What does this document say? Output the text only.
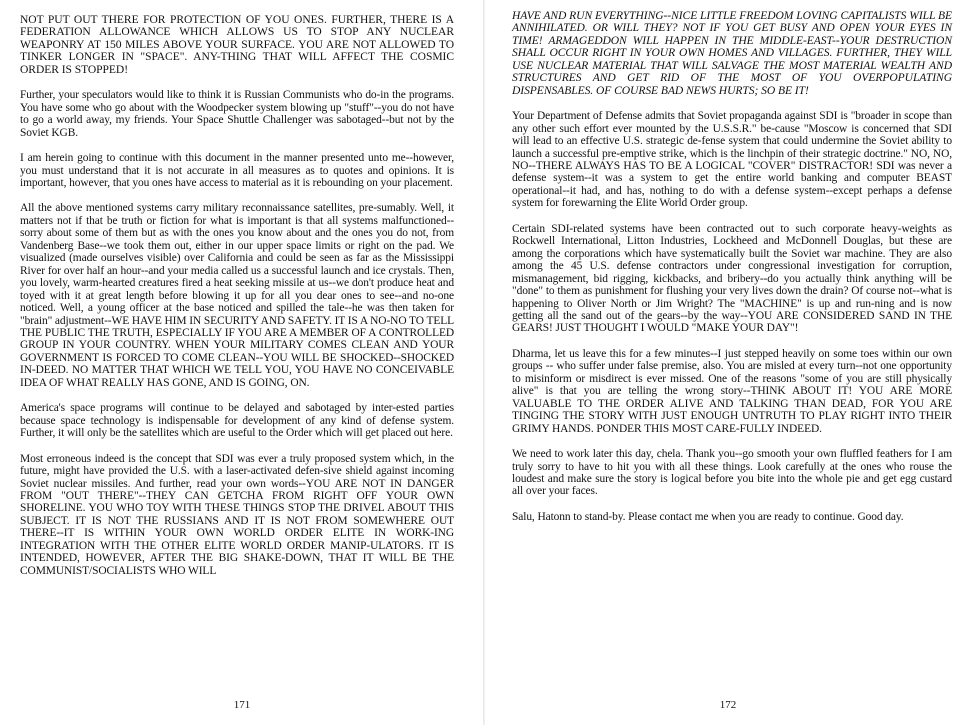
NOT PUT OUT THERE FOR PROTECTION OF YOU ONES. FURTHER, THERE IS A FEDERATION ALLOWANCE WHICH ALLOWS US TO STOP ANY NUCLEAR WEAPONRY AT 150 MILES ABOVE YOUR SURFACE. YOU ARE NOT ALLOWED TO TINKER LONGER IN "SPACE". ANY-THING THAT WILL AFFECT THE COSMIC ORDER IS STOPPED!

Further, your speculators would like to think it is Russian Communists who do-in the programs. You have some who go about with the Woodpecker system blowing up "stuff"--you do not have to go a world away, my friends. Your Space Shuttle Challenger was sabotaged--but not by the Soviet KGB.

I am herein going to continue with this document in the manner presented unto me--however, you must understand that it is not accurate in all measures as to quotes and opinions. It is important, however, that you ones have access to material as it is rebounding on your placement.

All the above mentioned systems carry military reconnaissance satellites, pre-sumably. Well, it matters not if that be truth or fiction for what is important is that all systems malfunctioned--sorry about some of them but as with the ones you know about and the ones you do not, from Vandenberg Base--we took them out, either in our upper space limits or right on the pad. We visualized (made ourselves visible) over California and could be seen as far as the Mississippi River for over half an hour--and your media called us a successful launch and ice crystals. Then, you lovely, warm-hearted creatures fired a heat seeking missile at us--we don't produce heat and toyed with it at great length before blowing it up for all you dear ones to see--and no-one noticed. Well, a young officer at the base noticed and spilled the tale--he was then taken for "brain" adjustment--WE HAVE HIM IN SECURITY AND SAFETY. IT IS A NO-NO TO TELL THE PUBLIC THE TRUTH, ESPECIALLY IF YOU ARE A MEMBER OF A CONTROLLED GROUP IN YOUR COUNTRY. WHEN YOUR MILITARY COMES CLEAN AND YOUR GOVERNMENT IS FORCED TO COME CLEAN--YOU WILL BE SHOCKED--SHOCKED IN-DEED. NO MATTER THAT WHICH WE TELL YOU, YOU HAVE NO CONCEIVABLE IDEA OF WHAT REALLY HAS GONE, AND IS GOING, ON.

America's space programs will continue to be delayed and sabotaged by inter-ested parties because space technology is indispensable for development of any kind of defense system. Further, it will only be the satellites which are useful to the Order which will get placed out here.

Most erroneous indeed is the concept that SDI was ever a truly proposed system which, in the future, might have provided the U.S. with a laser-activated defen-sive shield against incoming Soviet nuclear missiles. And further, read your own words--YOU ARE NOT IN DANGER FROM "OUT THERE"--THEY CAN GETCHA FROM RIGHT OFF YOUR OWN SHORELINE. YOU WHO TOY WITH THESE THINGS STOP THE DRIVEL ABOUT THIS SUBJECT. IT IS NOT THE RUSSIANS AND IT IS NOT FROM SOMEWHERE OUT THERE--IT IS WITHIN YOUR OWN WORLD ORDER ELITE IN WORK-ING INTEGRATION WITH THE OTHER ELITE WORLD ORDER MANIP-ULATORS. IT IS INTENDED, HOWEVER, AFTER THE BIG SHAKE-DOWN, THAT IT WILL BE THE COMMUNIST/SOCIALISTS WHO WILL

171

HAVE AND RUN EVERYTHING--NICE LITTLE FREEDOM LOVING CAPITALISTS WILL BE ANNIHILATED. OR WILL THEY? NOT IF YOU GET BUSY AND OPEN YOUR EYES IN TIME! ARMAGEDDON WILL HAPPEN IN THE MIDDLE-EAST--YOUR DESTRUCTION SHALL OCCUR RIGHT IN YOUR OWN HOMES AND VILLAGES. FURTHER, THEY WILL USE NUCLEAR MATERIAL THAT WILL SALVAGE THE MOST MATERIAL WEALTH AND STRUCTURES AND GET RID OF THE MOST OF YOU OVERPOPULATING DISPENSABLES. OF COURSE BAD NEWS HURTS; SO BE IT!

Your Department of Defense admits that Soviet propaganda against SDI is "broader in scope than any other such effort ever mounted by the U.S.S.R." be-cause "Moscow is concerned that SDI will lead to an effective U.S. strategic de-fense system that could undermine the Soviet ability to launch a successful pre-emptive strike, which is the linchpin of their strategic doctrine." NO, NO, NO--THERE ALWAYS HAS TO BE A LOGICAL "COVER" DISTRACTOR! SDI was never a defense system--it was a system to get the entire world banking and computer BEAST operational--it had, and has, nothing to do with a defense system--except perhaps a defense system for forewarning the Elite World Order group.

Certain SDI-related systems have been contracted out to such corporate heavy-weights as Rockwell International, Litton Industries, Lockheed and McDonnell Douglas, but these are among the corporations which have systematically built the Soviet war machine. They are also among the 45 U.S. defense contractors under congressional investigation for corruption, mismanagement, bid rigging, kickbacks, and bribery--do you actually think anything will be "done" to them as punishment for flushing your very lives down the drain? Of course not--what is happening to Oliver North or Jim Wright? The "MACHINE" is up and run-ning and is now getting all the sand out of the gears--by the way--YOU ARE CONSIDERED SAND IN THE GEARS! JUST THOUGHT I WOULD "MAKE YOUR DAY"!

Dharma, let us leave this for a few minutes--I just stepped heavily on some toes within our own groups -- who suffer under false premise, also. You are misled at every turn--not one opportunity to misinform or misdirect is ever missed. One of the reasons "some of you are still physically alive" is that you are telling the wrong story--THINK ABOUT IT! YOU ARE MORE VALUABLE TO THE ORDER ALIVE AND TALKING THAN DEAD, FOR YOU ARE TINGING THE STORY WITH JUST ENOUGH UNTRUTH TO PLAY RIGHT INTO THEIR GRIMY HANDS. PONDER THIS MOST CARE-FULLY INDEED.

We need to work later this day, chela. Thank you--go smooth your own fluffled feathers for I am truly sorry to have to hit you with all these things. Look carefully at the ones who rouse the loudest and make sure the story is logical before you bite into the whole pie and get egg custard all over your faces.

Salu, Hatonn to stand-by. Please contact me when you are ready to continue. Good day.

172
